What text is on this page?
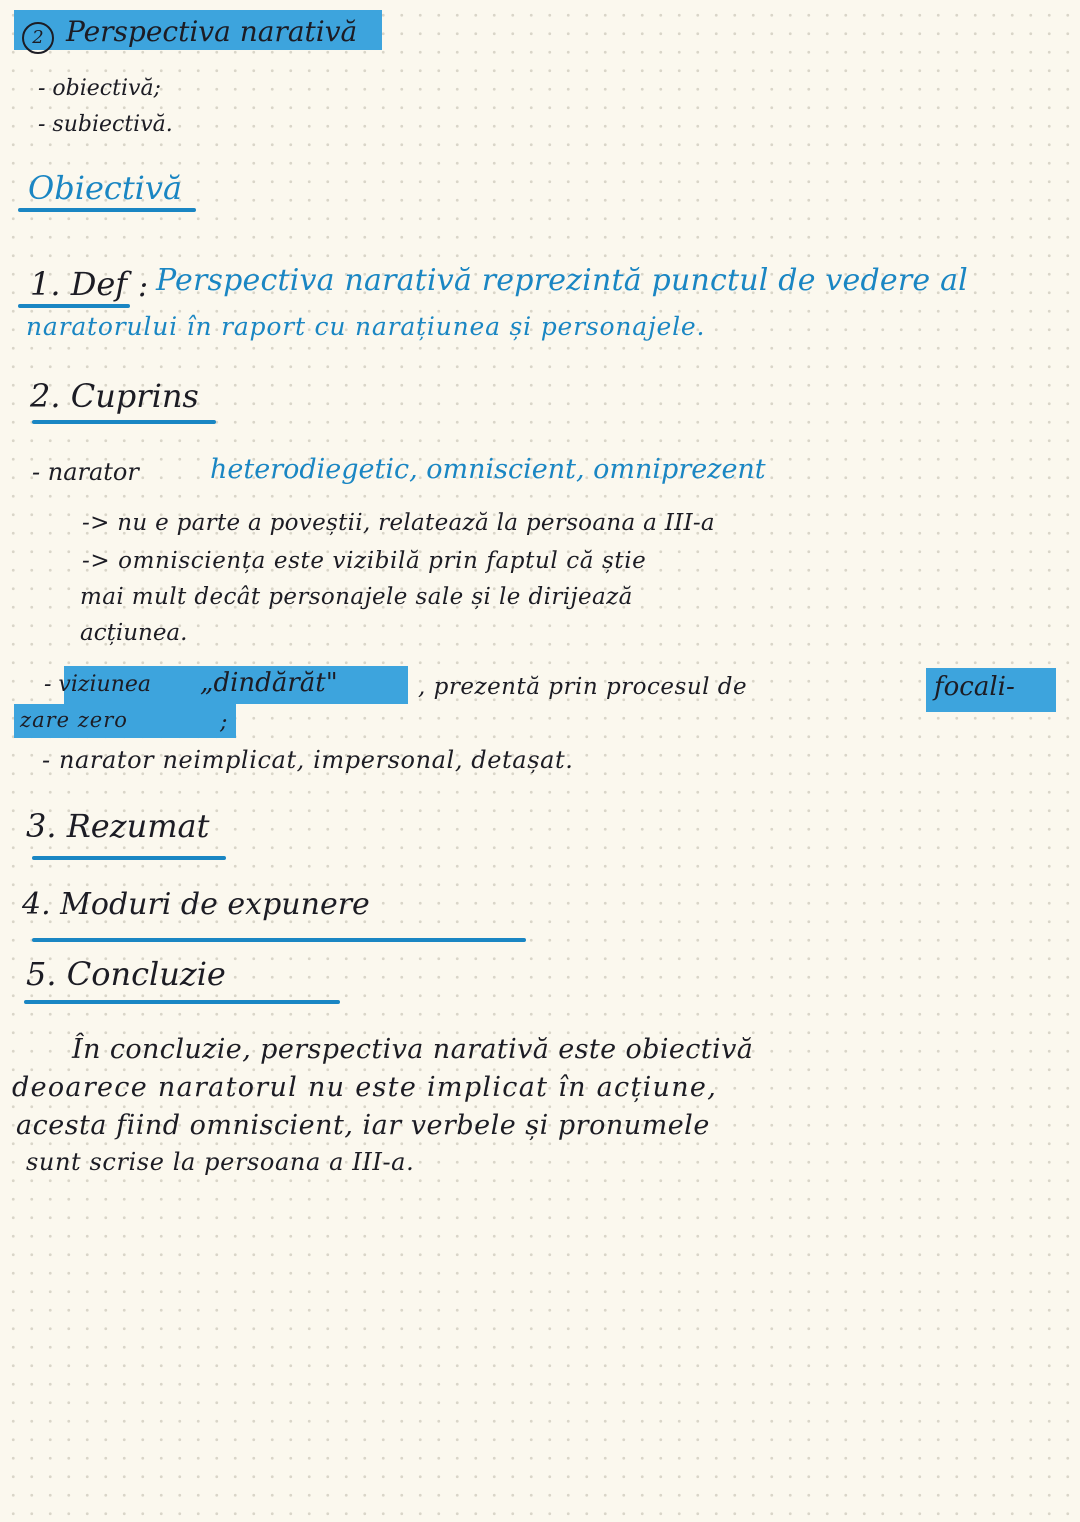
2 Perspectiva narativă
- obiectivă;
- subiectivă.
Obiectivă
1. Def : Perspectiva narativă reprezintă punctul de vedere al
naratorului în raport cu narațiunea și personajele.
2. Cuprins
- narator	heterodiegetic, omniscient, omniprezent
-> nu e parte a poveștii, relatează la persoana a III-a
-> omnisciența este vizibilă prin faptul că știe
mai mult decât personajele sale și le dirijează
acțiunea.
- viziunea „dindărăt"	, prezentă prin procesul de	focali-
zare zero	;
- narator neimplicat, impersonal, detașat.
3. Rezumat
4. Moduri de expunere
5. Concluzie
În concluzie, perspectiva narativă este obiectivă
deoarece naratorul nu este implicat în acțiune,
acesta fiind omniscient, iar verbele și pronumele
sunt scrise la persoana a III-a.
